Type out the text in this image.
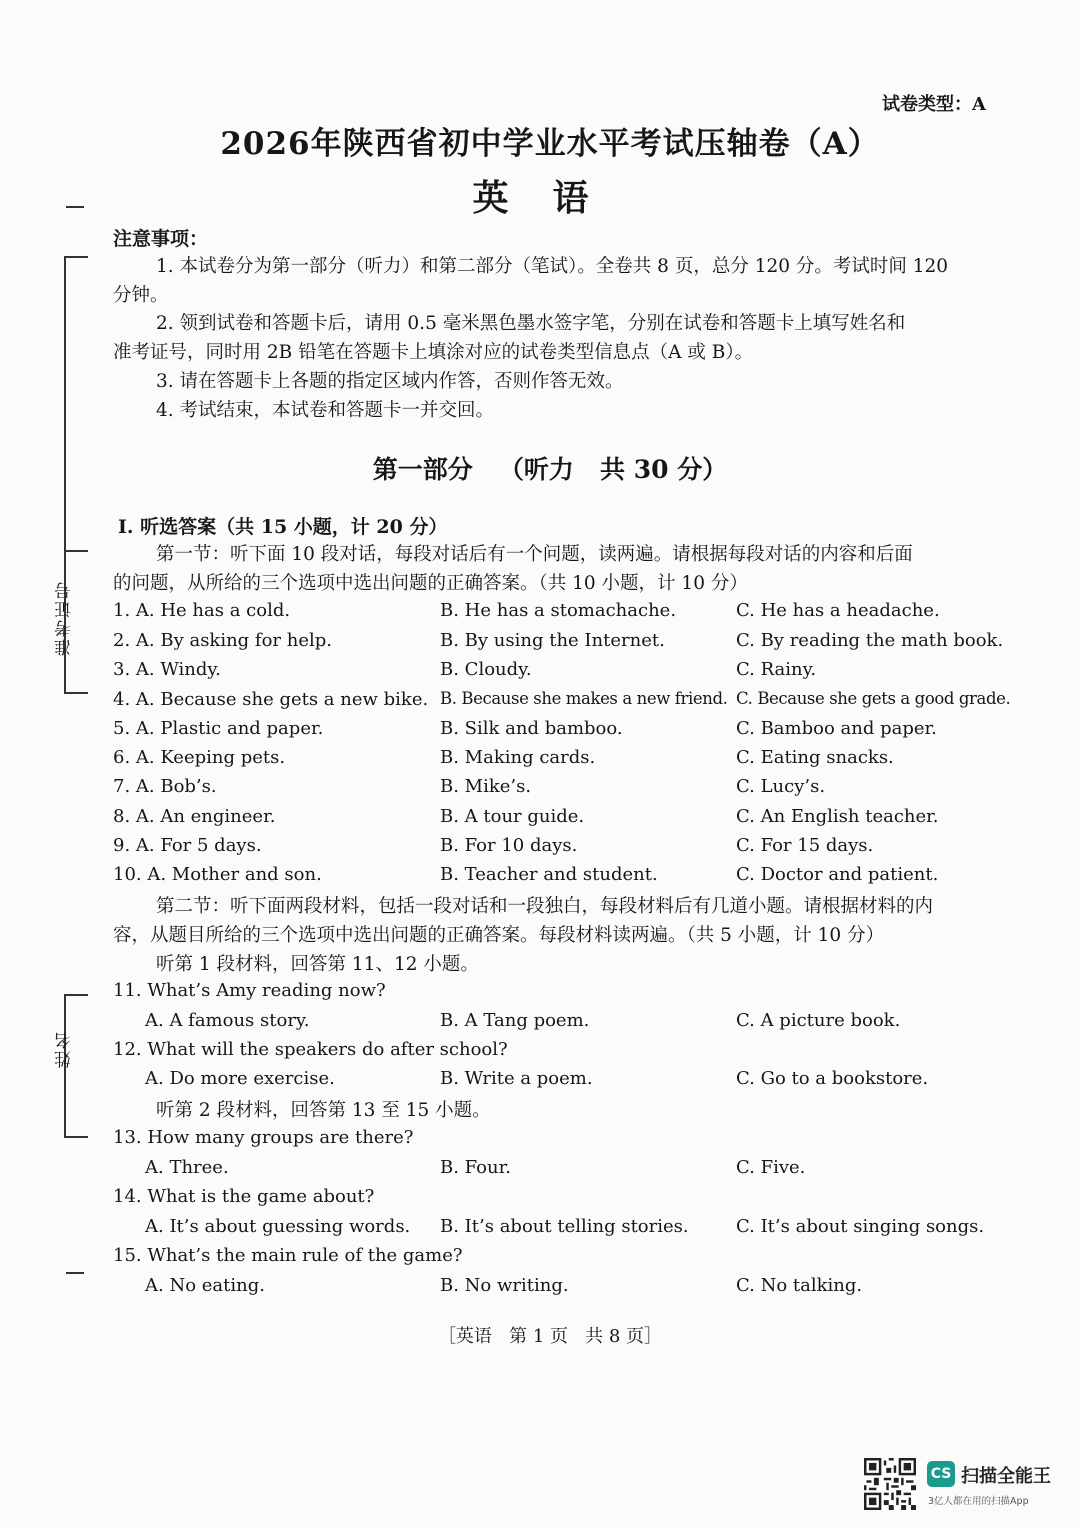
试卷类型：A
2026年陕西省初中学业水平考试压轴卷（A）
英语
准考证号
姓名
注意事项：
1. 本试卷分为第一部分（听力）和第二部分（笔试）。全卷共 8 页，总分 120 分。考试时间 120
分钟。
2. 领到试卷和答题卡后，请用 0.5 毫米黑色墨水签字笔，分别在试卷和答题卡上填写姓名和
准考证号，同时用 2B 铅笔在答题卡上填涂对应的试卷类型信息点（A 或 B）。
3. 请在答题卡上各题的指定区域内作答，否则作答无效。
4. 考试结束，本试卷和答题卡一并交回。
第一部分   （听力   共 30 分）
Ⅰ. 听选答案（共 15 小题，计 20 分）
第一节：听下面 10 段对话，每段对话后有一个问题，读两遍。请根据每段对话的内容和后面
的问题，从所给的三个选项中选出问题的正确答案。（共 10 小题，计 10 分）
1. A. He has a cold.	B. He has a stomachache.	C. He has a headache.
2. A. By asking for help.	B. By using the Internet.	C. By reading the math book.
3. A. Windy.	B. Cloudy.	C. Rainy.
4. A. Because she gets a new bike. B. Because she makes a new friend. C. Because she gets a good grade.
5. A. Plastic and paper.	B. Silk and bamboo.	C. Bamboo and paper.
6. A. Keeping pets.	B. Making cards.	C. Eating snacks.
7. A. Bob’s.	B. Mike’s.	C. Lucy’s.
8. A. An engineer.	B. A tour guide.	C. An English teacher.
9. A. For 5 days.	B. For 10 days.	C. For 15 days.
10. A. Mother and son.	B. Teacher and student.	C. Doctor and patient.
第二节：听下面两段材料，包括一段对话和一段独白，每段材料后有几道小题。请根据材料的内
容，从题目所给的三个选项中选出问题的正确答案。每段材料读两遍。（共 5 小题，计 10 分）
听第 1 段材料，回答第 11、12 小题。
11. What’s Amy reading now?
A. A famous story.	B. A Tang poem.	C. A picture book.
12. What will the speakers do after school?
A. Do more exercise.	B. Write a poem.	C. Go to a bookstore.
听第 2 段材料，回答第 13 至 15 小题。
13. How many groups are there?
A. Three.	B. Four.	C. Five.
14. What is the game about?
A. It’s about guessing words. B. It’s about telling stories.	C. It’s about singing songs.
15. What’s the main rule of the game?
A. No eating.	B. No writing.	C. No talking.
［英语   第 1 页   共 8 页］
CS 扫描全能王
3亿人都在用的扫描App
